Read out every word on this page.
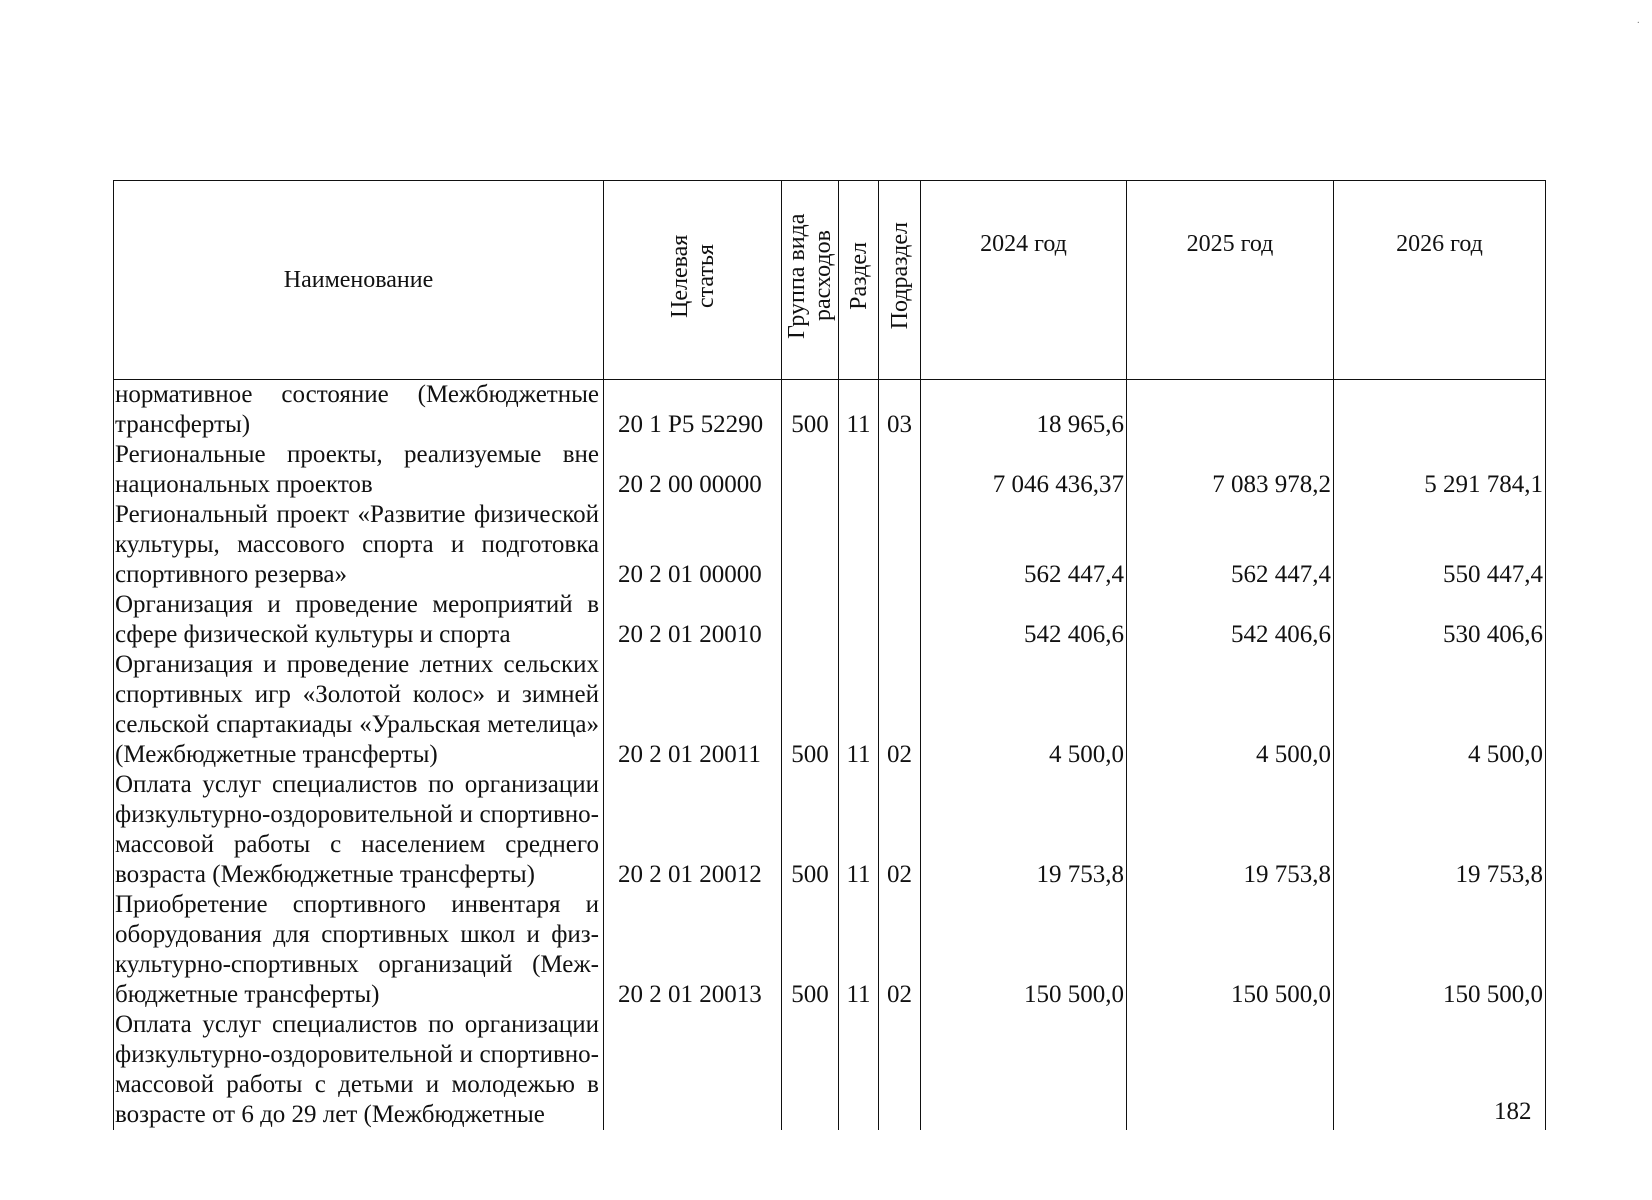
Наименование	Целевая статья	Группа вида расходов	Раздел	Подраздел	2024 год	2025 год	2026 год
нормативное состояние (Межбюджетные трансферты)	20 1 P5 52290	500	11	03	18 965,6		
Региональные проекты, реализуемые вне национальных проектов	20 2 00 00000				7 046 436,37	7 083 978,2	5 291 784,1
Региональный проект «Развитие физической культуры, массового спорта и подготовка спортивного резерва»	20 2 01 00000				562 447,4	562 447,4	550 447,4
Организация и проведение мероприятий в сфере физической культуры и спорта	20 2 01 20010				542 406,6	542 406,6	530 406,6
Организация и проведение летних сельских спортивных игр «Золотой колос» и зимней сельской спартакиады «Уральская метелица» (Межбюджетные трансферты)	20 2 01 20011	500	11	02	4 500,0	4 500,0	4 500,0
Оплата услуг специалистов по организации физкультурно-оздоровительной и спортивно-массовой работы с населением среднего возраста (Межбюджетные трансферты)	20 2 01 20012	500	11	02	19 753,8	19 753,8	19 753,8
Приобретение спортивного инвентаря и оборудования для спортивных школ и физкультурно-спортивных организаций (Межбюджетные трансферты)	20 2 01 20013	500	11	02	150 500,0	150 500,0	150 500,0
Оплата услуг специалистов по организации физкультурно-оздоровительной и спортивно-массовой работы с детьми и молодежью в возрасте от 6 до 29 лет (Межбюджетные								182
·
